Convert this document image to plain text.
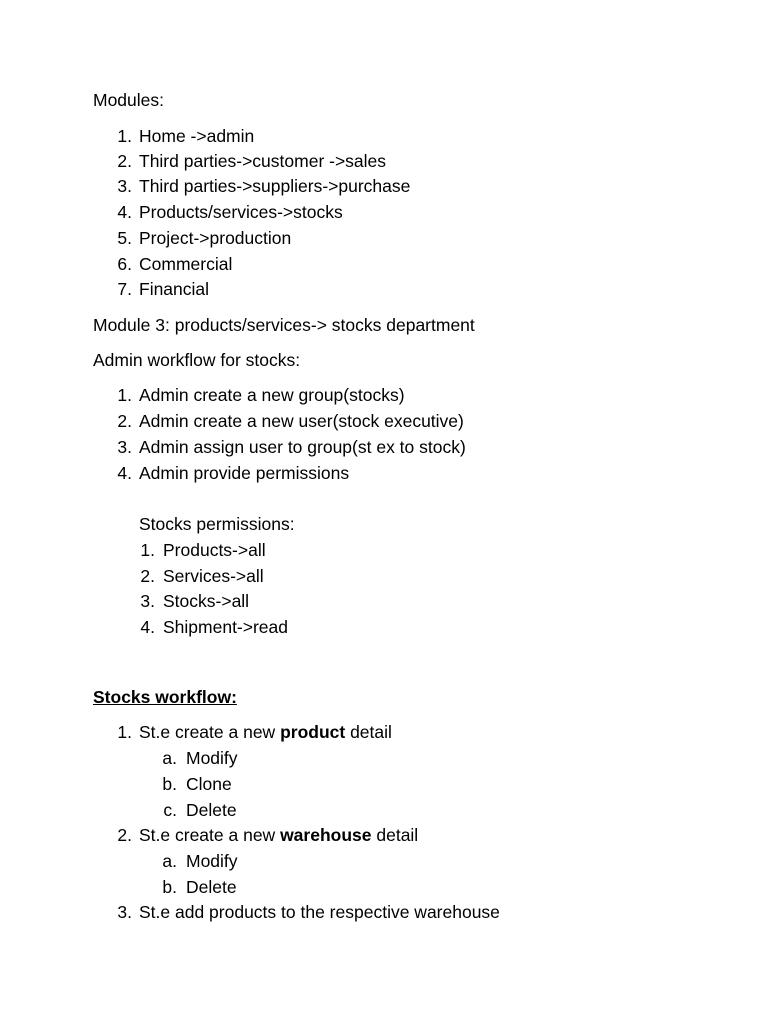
Modules:
1. Home ->admin
2. Third parties->customer ->sales
3. Third parties->suppliers->purchase
4. Products/services->stocks
5. Project->production
6. Commercial
7. Financial
Module 3: products/services-> stocks department
Admin workflow for stocks:
1. Admin create a new group(stocks)
2. Admin create a new user(stock executive)
3. Admin assign user to group(st ex to stock)
4. Admin provide permissions
Stocks permissions:
1. Products->all
2. Services->all
3. Stocks->all
4. Shipment->read
Stocks workflow:
1. St.e create a new product detail
a. Modify
b. Clone
c. Delete
2. St.e create a new warehouse detail
a. Modify
b. Delete
3. St.e add products to the respective warehouse
